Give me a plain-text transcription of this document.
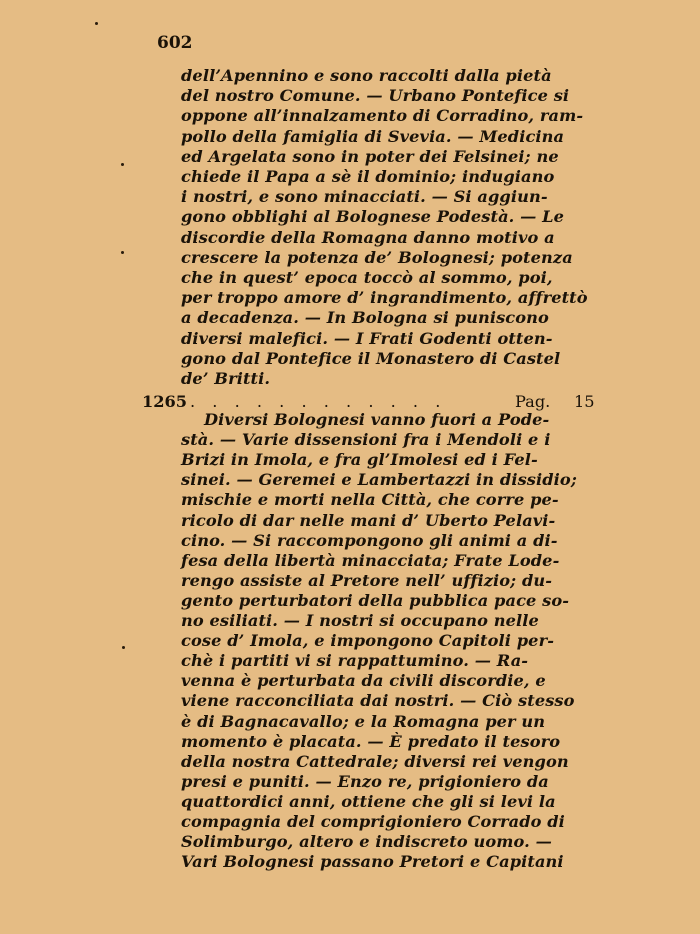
602
dell’Apennino e sono raccolti dalla pietà
del nostro Comune. — Urbano Pontefice si
oppone all’innalzamento di Corradino, ram-
pollo della famiglia di Svevia. — Medicina
ed Argelata sono in poter dei Felsinei; ne
chiede il Papa a sè il dominio; indugiano
i nostri, e sono minacciati. — Si aggiun-
gono obblighi al Bolognese Podestà. — Le
discordie della Romagna danno motivo a
crescere la potenza de’ Bolognesi; potenza
che in quest’ epoca toccò al sommo, poi,
per troppo amore d’ ingrandimento, affrettò
a decadenza. — In Bologna si puniscono
diversi malefici. — I Frati Godenti otten-
gono dal Pontefice il Monastero di Castel
de’ Britti.
1265 . . . . . . . . . . . .	Pag. 15
Diversi Bolognesi vanno fuori a Pode-
stà. — Varie dissensioni fra i Mendoli e i
Brizi in Imola, e fra gl’Imolesi ed i Fel-
sinei. — Geremei e Lambertazzi in dissidio;
mischie e morti nella Città, che corre pe-
ricolo di dar nelle mani d’ Uberto Pelavi-
cino. — Si raccompongono gli animi a di-
fesa della libertà minacciata; Frate Lode-
rengo assiste al Pretore nell’ uffizio; du-
gento perturbatori della pubblica pace so-
no esiliati. — I nostri si occupano nelle
cose d’ Imola, e impongono Capitoli per-
chè i partiti vi si rappattumino. — Ra-
venna è perturbata da civili discordie, e
viene racconciliata dai nostri. — Ciò stesso
è di Bagnacavallo; e la Romagna per un
momento è placata. — È predato il tesoro
della nostra Cattedrale; diversi rei vengon
presi e puniti. — Enzo re, prigioniero da
quattordici anni, ottiene che gli si levi la
compagnia del comprigioniero Corrado di
Solimburgo, altero e indiscreto uomo. —
Vari Bolognesi passano Pretori e Capitani
